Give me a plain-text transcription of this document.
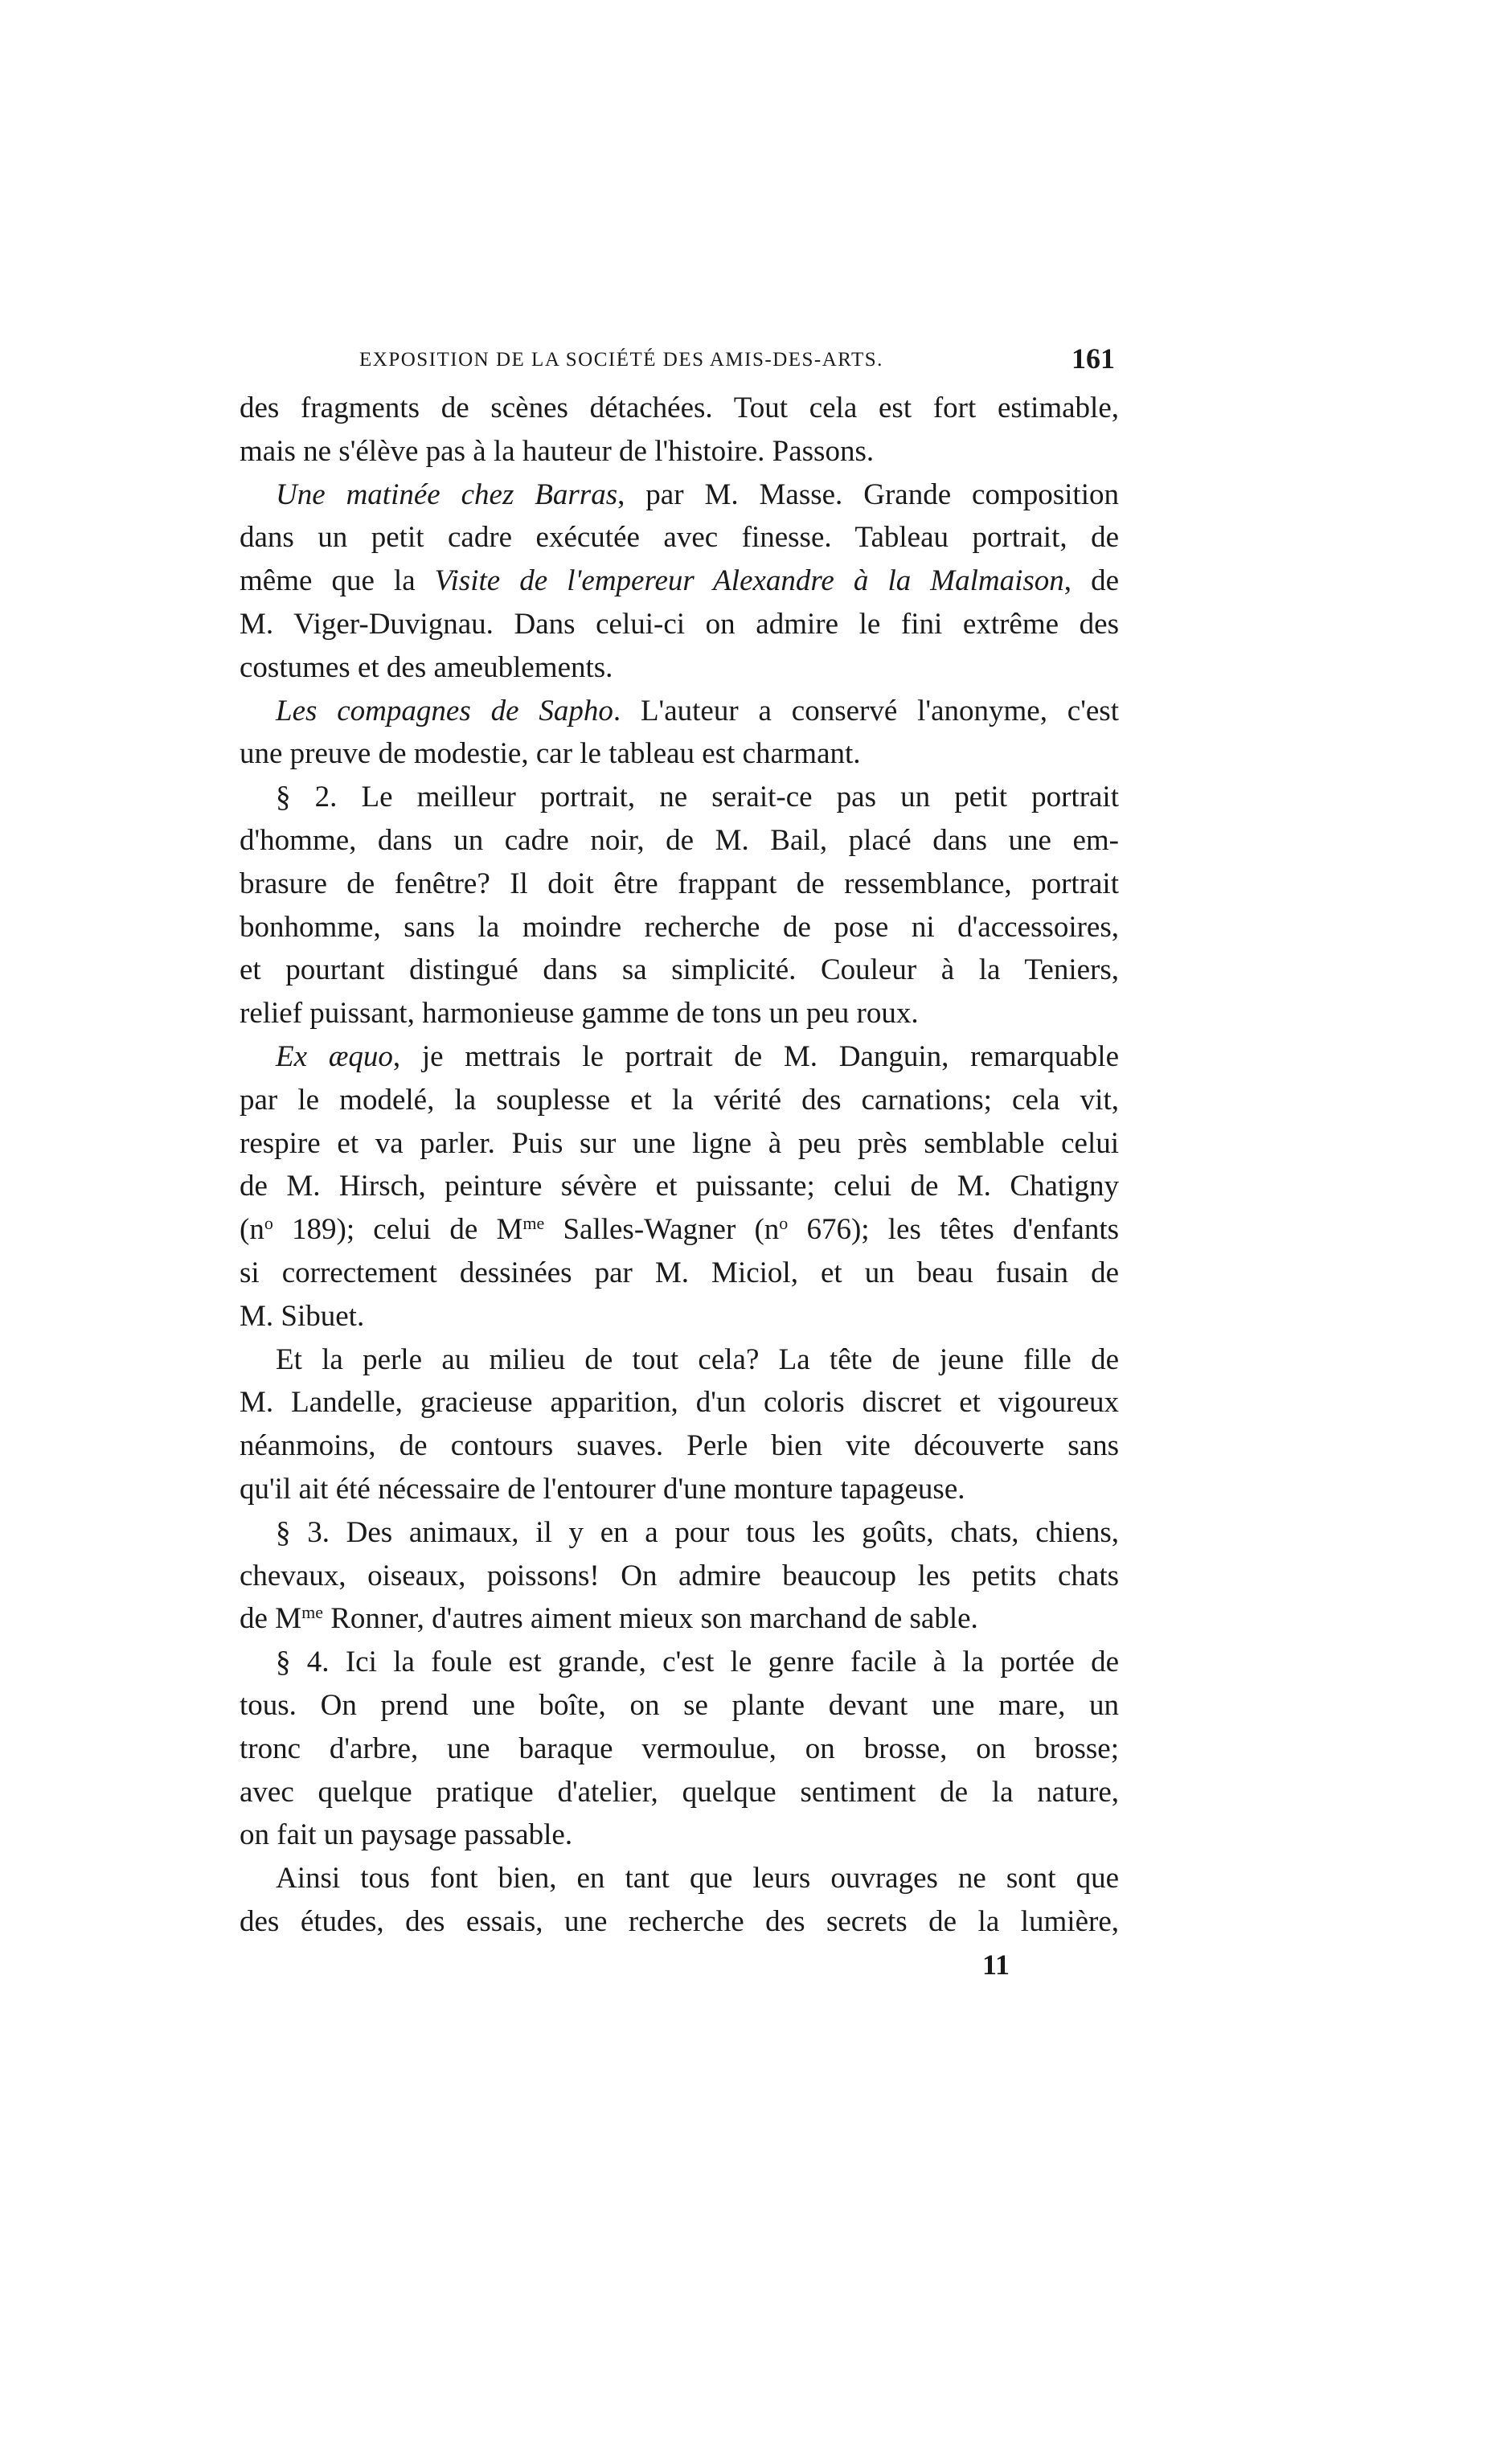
EXPOSITION DE LA SOCIÉTÉ DES AMIS-DES-ARTS.	161
des fragments de scènes détachées. Tout cela est fort estimable,
mais ne s'élève pas à la hauteur de l'histoire. Passons.
Une matinée chez Barras, par M. Masse. Grande composition
dans un petit cadre exécutée avec finesse. Tableau portrait, de
même que la Visite de l'empereur Alexandre à la Malmaison, de
M. Viger-Duvignau. Dans celui-ci on admire le fini extrême des
costumes et des ameublements.
Les compagnes de Sapho. L'auteur a conservé l'anonyme, c'est
une preuve de modestie, car le tableau est charmant.
§ 2. Le meilleur portrait, ne serait-ce pas un petit portrait
d'homme, dans un cadre noir, de M. Bail, placé dans une em-
brasure de fenêtre? Il doit être frappant de ressemblance, portrait
bonhomme, sans la moindre recherche de pose ni d'accessoires,
et pourtant distingué dans sa simplicité. Couleur à la Teniers,
relief puissant, harmonieuse gamme de tons un peu roux.
Ex æquo, je mettrais le portrait de M. Danguin, remarquable
par le modelé, la souplesse et la vérité des carnations; cela vit,
respire et va parler. Puis sur une ligne à peu près semblable celui
de M. Hirsch, peinture sévère et puissante; celui de M. Chatigny
($n^o$ 189); celui de $M^{me}$ Salles-Wagner ($n^o$ 676); les têtes d'enfants
si correctement dessinées par M. Miciol, et un beau fusain de
M. Sibuet.
Et la perle au milieu de tout cela? La tête de jeune fille de
M. Landelle, gracieuse apparition, d'un coloris discret et vigoureux
néanmoins, de contours suaves. Perle bien vite découverte sans
qu'il ait été nécessaire de l'entourer d'une monture tapageuse.
§ 3. Des animaux, il y en a pour tous les goûts, chats, chiens,
chevaux, oiseaux, poissons! On admire beaucoup les petits chats
de $M^{me}$ Ronner, d'autres aiment mieux son marchand de sable.
§ 4. Ici la foule est grande, c'est le genre facile à la portée de
tous. On prend une boîte, on se plante devant une mare, un
tronc d'arbre, une baraque vermoulue, on brosse, on brosse;
avec quelque pratique d'atelier, quelque sentiment de la nature,
on fait un paysage passable.
Ainsi tous font bien, en tant que leurs ouvrages ne sont que
des études, des essais, une recherche des secrets de la lumière,
11
